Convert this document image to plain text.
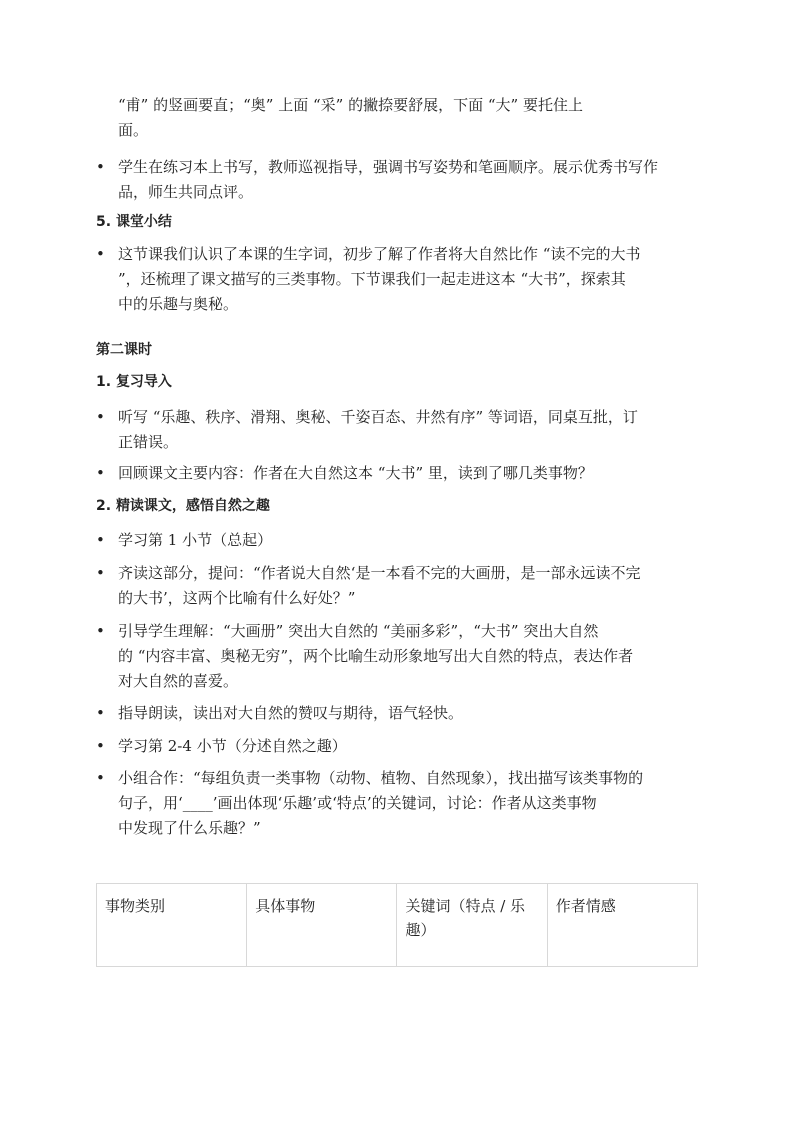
“甫” 的竖画要直；“奥” 上面 “采” 的撇捺要舒展，下面 “大” 要托住上

面。

• 学生在练习本上书写，教师巡视指导，强调书写姿势和笔画顺序。展示优秀书写作
品，师生共同点评。
5. 课堂小结
• 这节课我们认识了本课的生字词，初步了解了作者将大自然比作 “读不完的大书
”，还梳理了课文描写的三类事物。下节课我们一起走进这本 “大书”，探索其
中的乐趣与奥秘。
第二课时
1. 复习导入
• 听写 “乐趣、秩序、滑翔、奥秘、千姿百态、井然有序” 等词语，同桌互批，订
正错误。
• 回顾课文主要内容：作者在大自然这本 “大书” 里，读到了哪几类事物？
2. 精读课文，感悟自然之趣
• 学习第 1 小节（总起）
• 齐读这部分，提问：“作者说大自然‘是一本看不完的大画册，是一部永远读不完
的大书’，这两个比喻有什么好处？”
• 引导学生理解：“大画册” 突出大自然的 “美丽多彩”，“大书” 突出大自然
的 “内容丰富、奥秘无穷”，两个比喻生动形象地写出大自然的特点，表达作者
对大自然的喜爱。
• 指导朗读，读出对大自然的赞叹与期待，语气轻快。
• 学习第 2-4 小节（分述自然之趣）
• 小组合作：“每组负责一类事物（动物、植物、自然现象），找出描写该类事物的
句子，用‘____’画出体现‘乐趣’或‘特点’的关键词，讨论：作者从这类事物
中发现了什么乐趣？”
事物类别	具体事物	关键词（特点 / 乐趣）	作者情感
